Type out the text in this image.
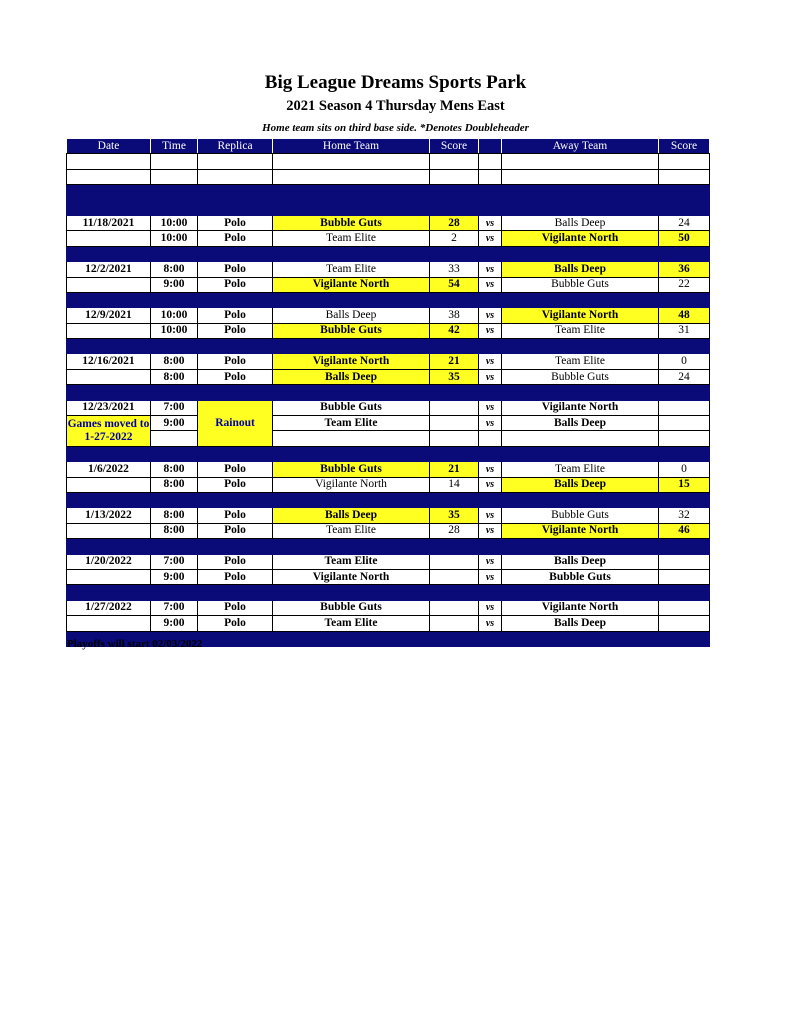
Big League Dreams Sports Park
2021 Season 4 Thursday Mens East
Home team sits on third base side. *Denotes Doubleheader
Date	Time	Replica	Home Team	Score		Away Team	Score

11/18/2021	10:00	Polo	Bubble Guts	28	vs	Balls Deep	24
	10:00	Polo	Team Elite	2	vs	Vigilante North	50

12/2/2021	8:00	Polo	Team Elite	33	vs	Balls Deep	36
	9:00	Polo	Vigilante North	54	vs	Bubble Guts	22

12/9/2021	10:00	Polo	Balls Deep	38	vs	Vigilante North	48
	10:00	Polo	Bubble Guts	42	vs	Team Elite	31

12/16/2021	8:00	Polo	Vigilante North	21	vs	Team Elite	0
	8:00	Polo	Balls Deep	35	vs	Bubble Guts	24

12/23/2021	7:00	Rainout	Bubble Guts		vs	Vigilante North	
Games moved to 1-27-2022	9:00		Team Elite		vs	Balls Deep	

1/6/2022	8:00	Polo	Bubble Guts	21	vs	Team Elite	0
	8:00	Polo	Vigilante North	14	vs	Balls Deep	15

1/13/2022	8:00	Polo	Balls Deep	35	vs	Bubble Guts	32
	8:00	Polo	Team Elite	28	vs	Vigilante North	46

1/20/2022	7:00	Polo	Team Elite		vs	Balls Deep	
	9:00	Polo	Vigilante North		vs	Bubble Guts	

1/27/2022	7:00	Polo	Bubble Guts		vs	Vigilante North	
	9:00	Polo	Team Elite		vs	Balls Deep	

Playoffs will start 02/03/2022
